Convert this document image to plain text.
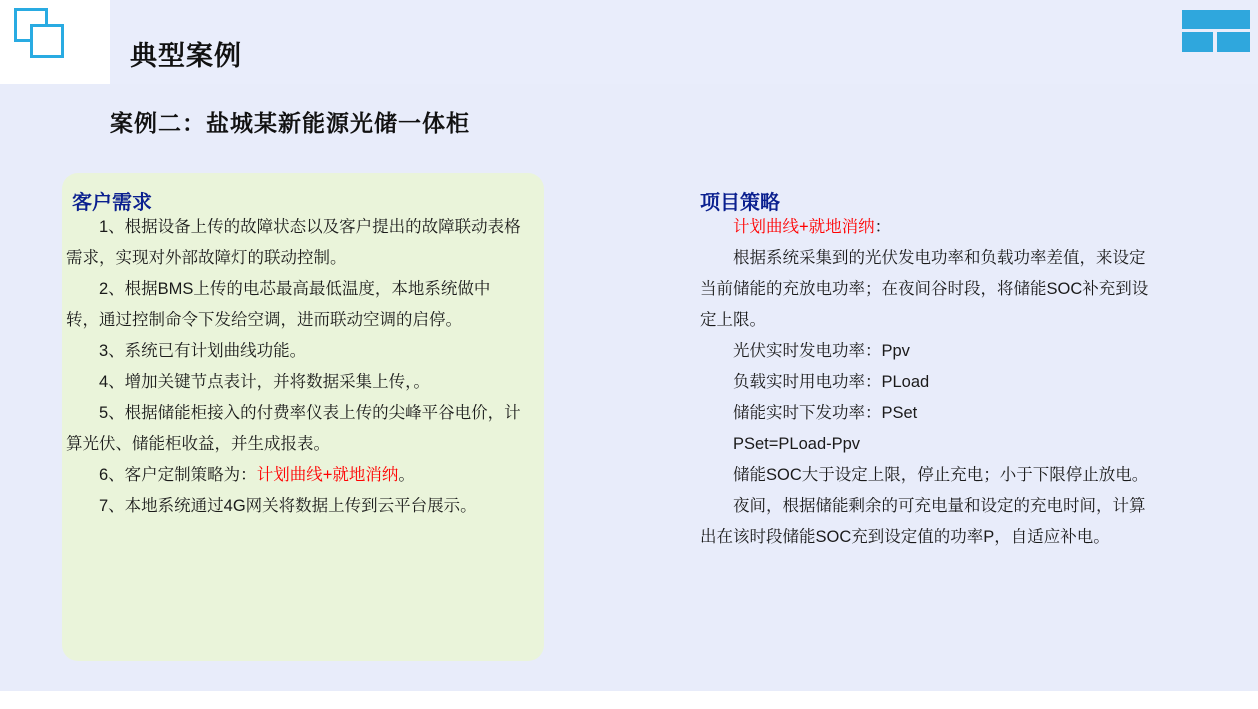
典型案例
案例二：盐城某新能源光储一体柜
客户需求

1、根据设备上传的故障状态以及客户提出的故障联动表格需求，实现对外部故障灯的联动控制。

2、根据BMS上传的电芯最高最低温度，本地系统做中转，通过控制命令下发给空调，进而联动空调的启停。

3、系统已有计划曲线功能。

4、增加关键节点表计，并将数据采集上传，。

5、根据储能柜接入的付费率仪表上传的尖峰平谷电价，计算光伏、储能柜收益，并生成报表。

6、客户定制策略为：计划曲线+就地消纳。

7、本地系统通过4G网关将数据上传到云平台展示。

项目策略

计划曲线+就地消纳：

根据系统采集到的光伏发电功率和负载功率差值，来设定当前储能的充放电功率；在夜间谷时段，将储能SOC补充到设定上限。

光伏实时发电功率：Ppv

负载实时用电功率：PLoad

储能实时下发功率：PSet

PSet=PLoad-Ppv

储能SOC大于设定上限，停止充电；小于下限停止放电。

夜间，根据储能剩余的可充电量和设定的充电时间，计算出在该时段储能SOC充到设定值的功率P，自适应补电。
